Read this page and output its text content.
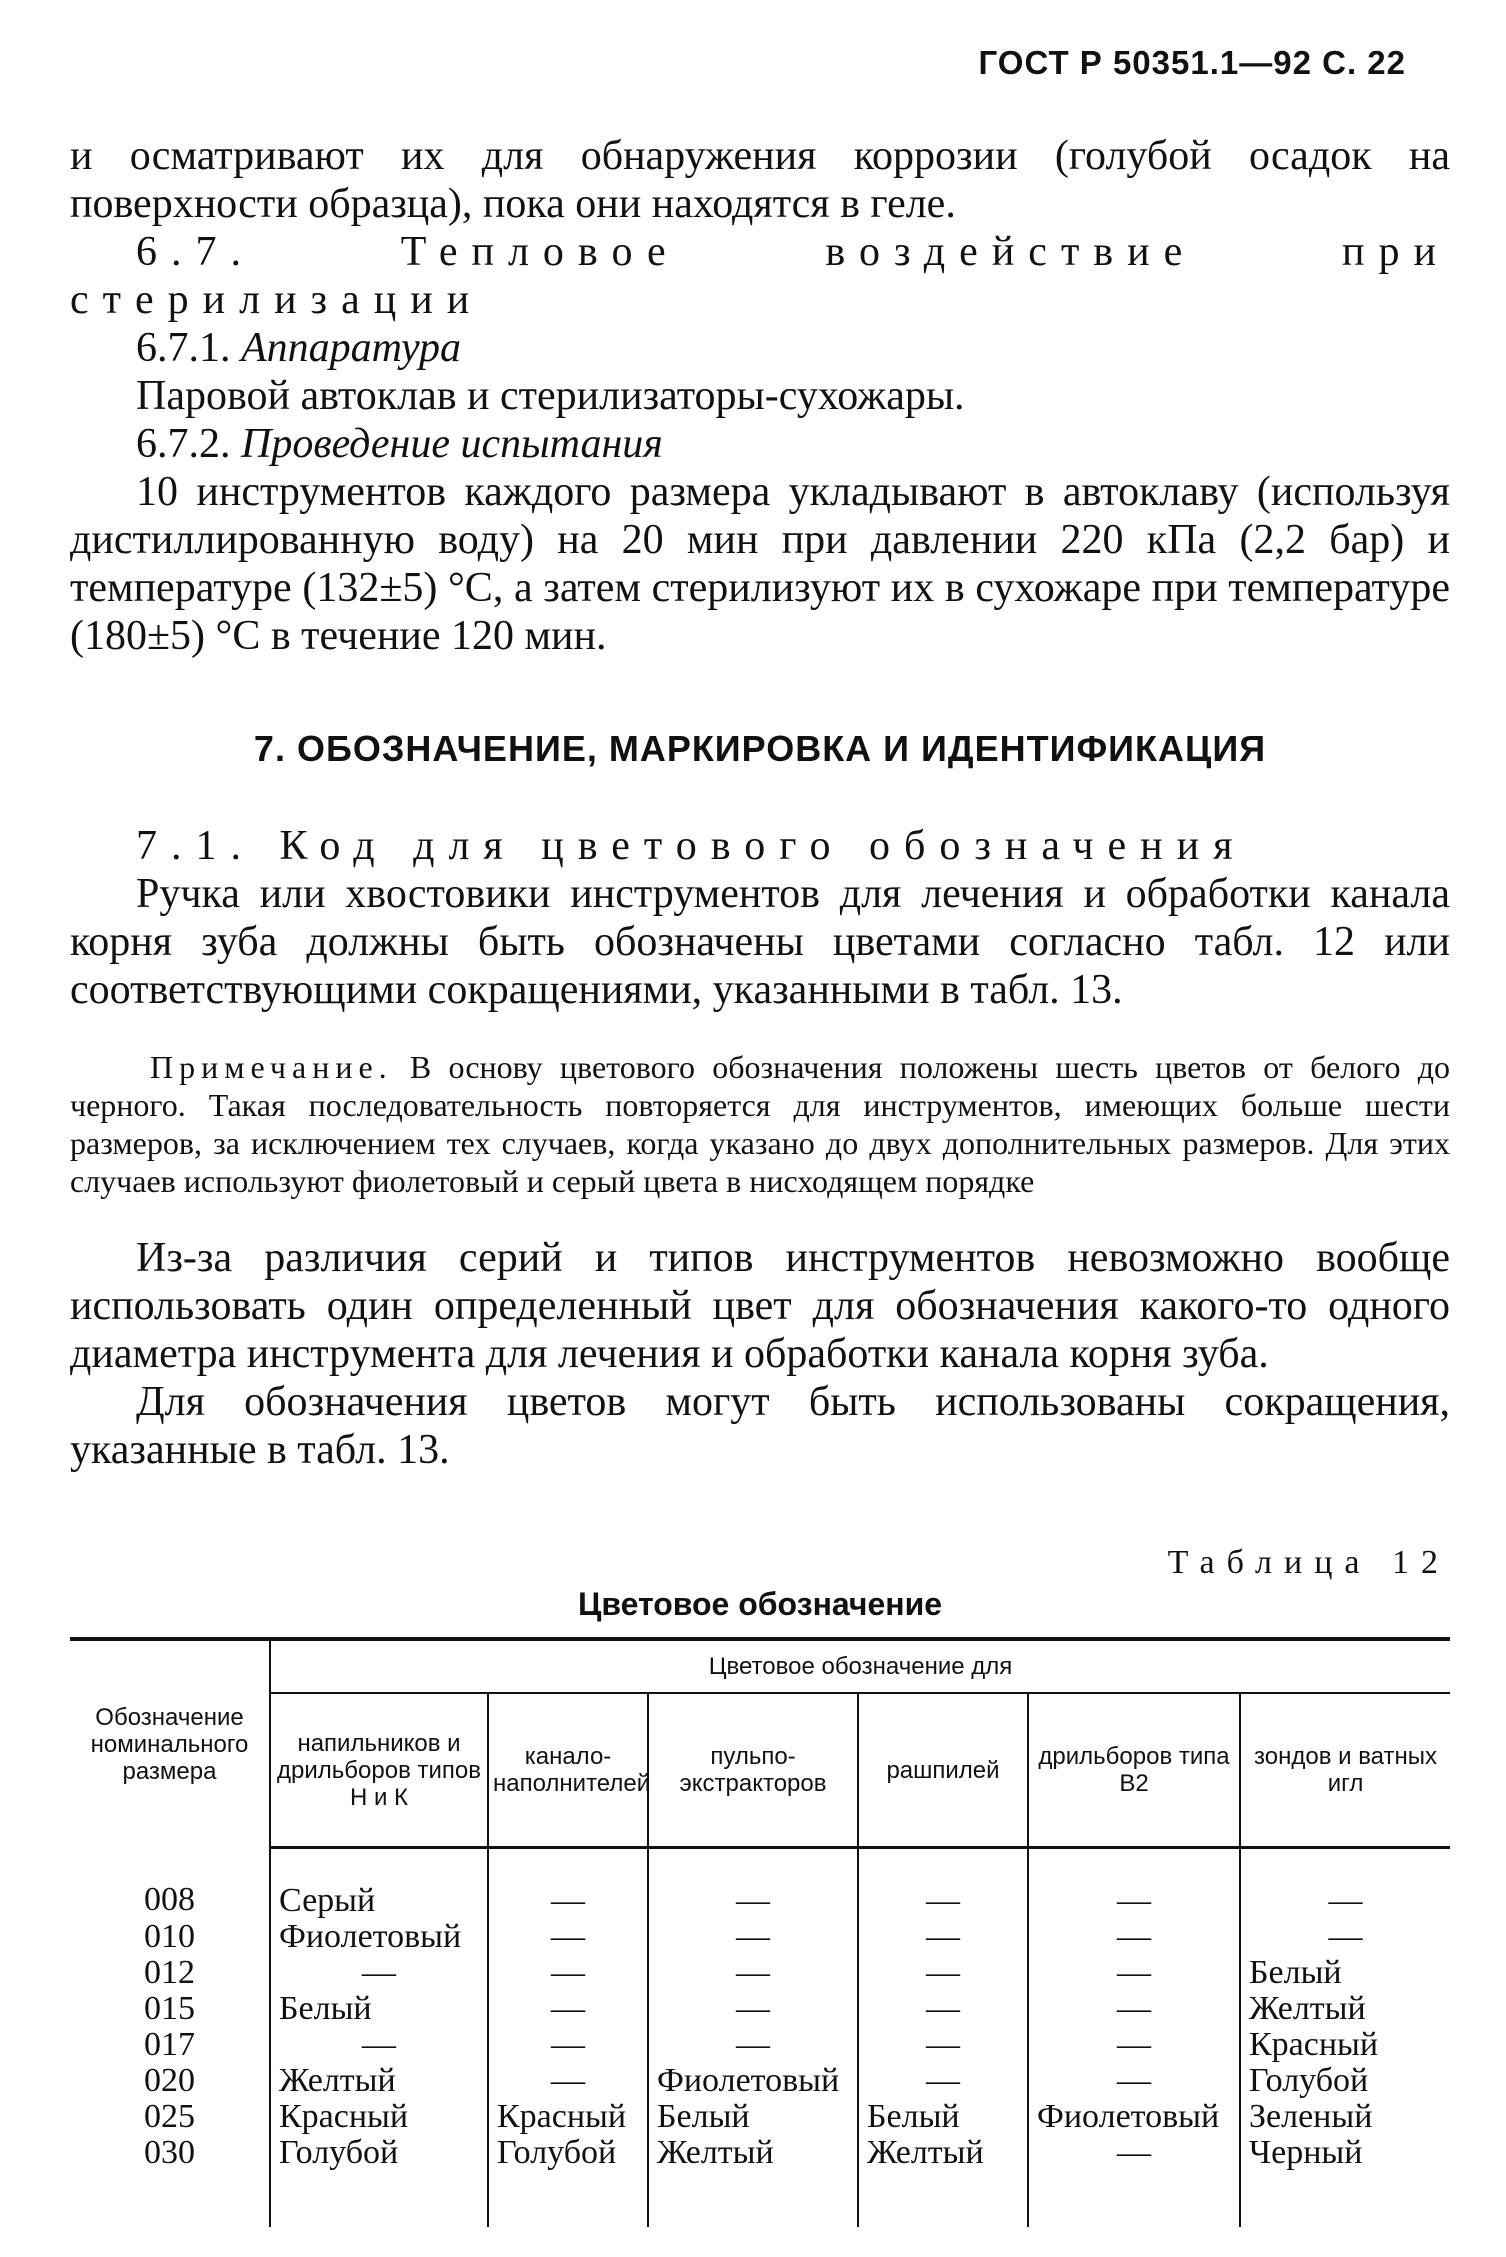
ГОСТ Р 50351.1—92 С. 22

и осматривают их для обнаружения коррозии (голубой осадок на поверхности образца), пока они находятся в геле.

6.7. Тепловое воздействие при стерилизации

6.7.1. Аппаратура

Паровой автоклав и стерилизаторы-сухожары.

6.7.2. Проведение испытания

10 инструментов каждого размера укладывают в автоклаву (используя дистиллированную воду) на 20 мин при давлении 220 кПа (2,2 бар) и температуре (132±5) °С, а затем стерилизуют их в сухожаре при температуре (180±5) °С в течение 120 мин.

7. ОБОЗНАЧЕНИЕ, МАРКИРОВКА И ИДЕНТИФИКАЦИЯ

7.1. Код для цветового обозначения

Ручка или хвостовики инструментов для лечения и обработки канала корня зуба должны быть обозначены цветами согласно табл. 12 или соответствующими сокращениями, указанными в табл. 13.

Примечание. В основу цветового обозначения положены шесть цветов от белого до черного. Такая последовательность повторяется для инструментов, имеющих больше шести размеров, за исключением тех случаев, когда указано до двух дополнительных размеров. Для этих случаев используют фиолетовый и серый цвета в нисходящем порядке

Из-за различия серий и типов инструментов невозможно вообще использовать один определенный цвет для обозначения какого-то одного диаметра инструмента для лечения и обработки канала корня зуба.

Для обозначения цветов могут быть использованы сокращения, указанные в табл. 13.

Таблица 12
Цветовое обозначение
Обозначение номинального размера	Цветовое обозначение для					
	напильников и дрильборов типов Н и К	канало-наполнителей	пульпо-экстракторов	рашпилей	дрильборов типа В2	зондов и ватных игл
008	Серый	—	—	—	—	—
010	Фиолетовый	—	—	—	—	—
012	—	—	—	—	—	Белый
015	Белый	—	—	—	—	Желтый
017	—	—	—	—	—	Красный
020	Желтый	—	Фиолетовый	—	—	Голубой
025	Красный	Красный	Белый	Белый	Фиолетовый	Зеленый
030	Голубой	Голубой	Желтый	Желтый	—	Черный
